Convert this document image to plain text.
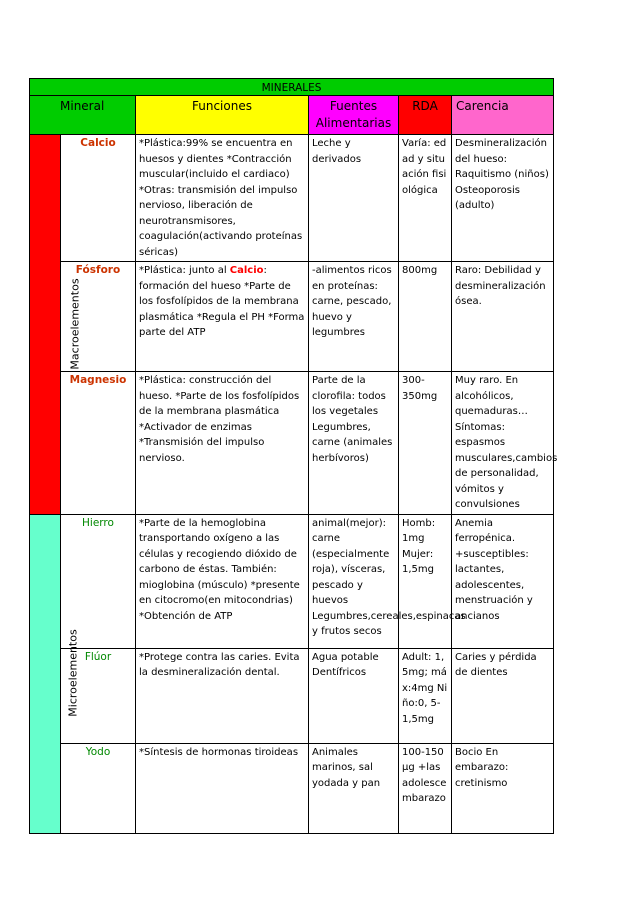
MINERALES					
Mineral		Funciones	Fuentes Alimentarias	RDA	Carencia
Macroelementos	Calcio	*Plástica:99% se encuentra en huesos y dientes *Contracción muscular(incluido el cardiaco) *Otras: transmisión del impulso nervioso, liberación de neurotransmisores, coagulación(activando proteínas séricas)	Leche y derivados	Varía: edad y situación fisiológica	Desmineralización del hueso: Raquitismo (niños) Osteoporosis (adulto)
	Fósforo	*Plástica: junto al Calcio: formación del hueso *Parte de los fosfolípidos de la membrana plasmática *Regula el PH *Forma parte del ATP	-alimentos ricos en proteínas: carne, pescado, huevo y legumbres	800mg	Raro: Debilidad y desmineralización ósea.
	Magnesio	*Plástica: construcción del hueso. *Parte de los fosfolípidos de la membrana plasmática *Activador de enzimas *Transmisión del impulso nervioso.	Parte de la clorofila: todos los vegetales Legumbres, carne (animales herbívoros)	300-350mg	Muy raro. En alcohólicos, quemaduras… Síntomas: espasmos musculares,cambios de personalidad, vómitos y convulsiones
Microelementos	Hierro	*Parte de la hemoglobina transportando oxígeno a las células y recogiendo dióxido de carbono de éstas. También: mioglobina (músculo) *presente en citocromo(en mitocondrias) *Obtención de ATP	animal(mejor): carne (especialmente roja), vísceras, pescado y huevos Legumbres,cereales,espinacas y frutos secos	Homb: 1mg Mujer: 1,5mg	Anemia ferropénica. +susceptibles: lactantes, adolescentes, menstruación y ancianos
	Flúor	*Protege contra las caries. Evita la desmineralización dental.	Agua potable Dentífricos	Adult: 1,5mg; máx:4mg Niño:0, 5-1,5mg	Caries y pérdida de dientes
	Yodo	*Síntesis de hormonas tiroideas	Animales marinos, sal yodada y pan	100-150 µg +las adolescembarazo	Bocio En embarazo: cretinismo
